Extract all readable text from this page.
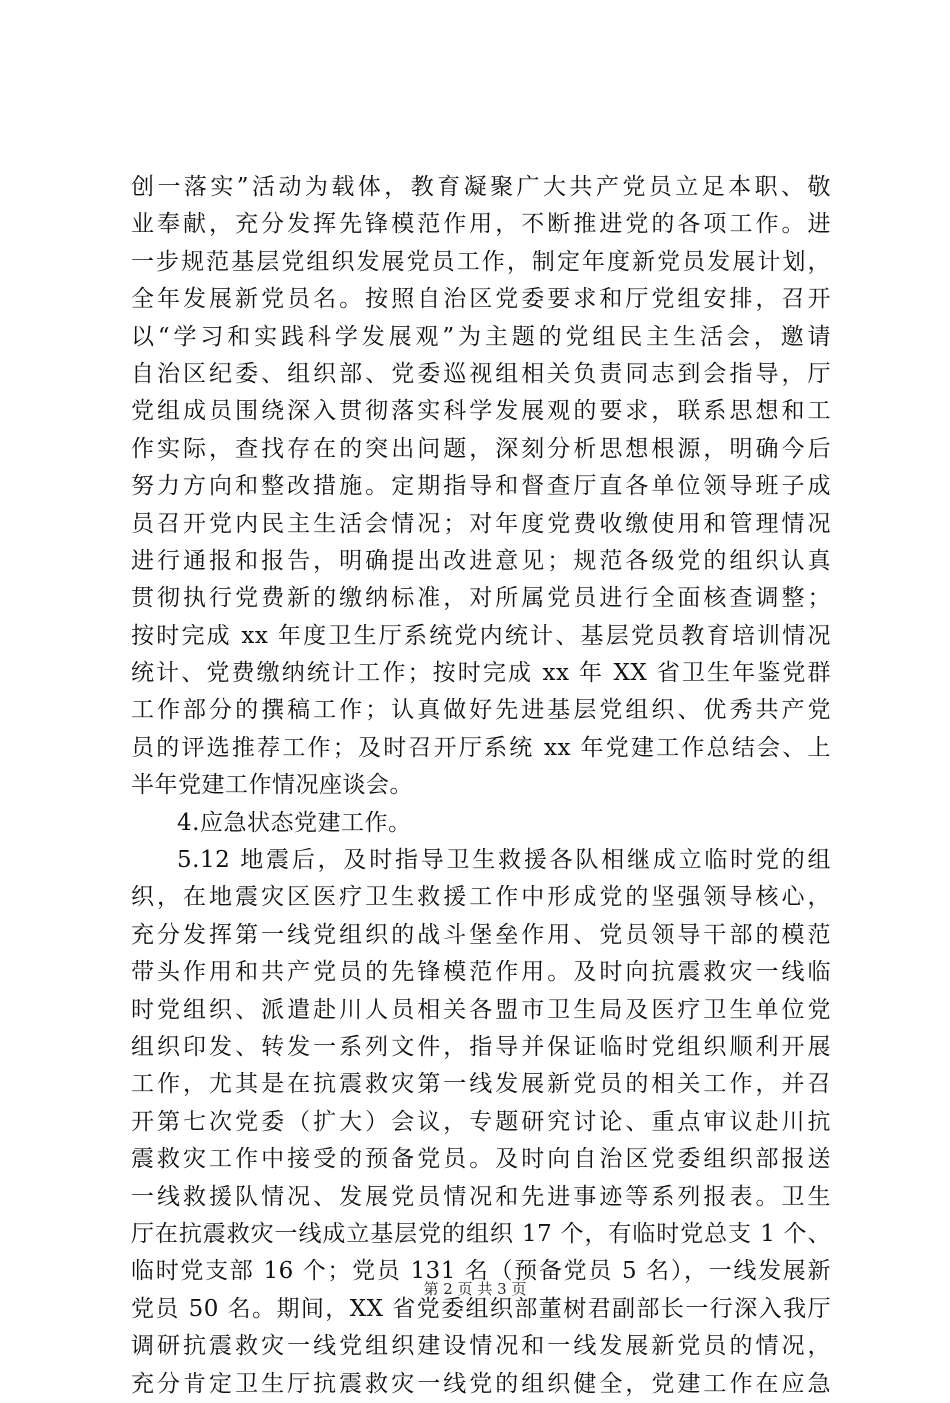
创一落实”活动为载体，教育凝聚广大共产党员立足本职、敬
业奉献，充分发挥先锋模范作用，不断推进党的各项工作。进
一步规范基层党组织发展党员工作，制定年度新党员发展计划，
全年发展新党员名。按照自治区党委要求和厅党组安排，召开
以“学习和实践科学发展观”为主题的党组民主生活会，邀请
自治区纪委、组织部、党委巡视组相关负责同志到会指导，厅
党组成员围绕深入贯彻落实科学发展观的要求，联系思想和工
作实际，查找存在的突出问题，深刻分析思想根源，明确今后
努力方向和整改措施。定期指导和督查厅直各单位领导班子成
员召开党内民主生活会情况；对年度党费收缴使用和管理情况
进行通报和报告，明确提出改进意见；规范各级党的组织认真
贯彻执行党费新的缴纳标准，对所属党员进行全面核查调整；
按时完成 xx 年度卫生厅系统党内统计、基层党员教育培训情况
统计、党费缴纳统计工作；按时完成 xx 年 XX 省卫生年鉴党群
工作部分的撰稿工作；认真做好先进基层党组织、优秀共产党
员的评选推荐工作；及时召开厅系统 xx 年党建工作总结会、上
半年党建工作情况座谈会。
4.应急状态党建工作。
5.12 地震后，及时指导卫生救援各队相继成立临时党的组
织，在地震灾区医疗卫生救援工作中形成党的坚强领导核心，
充分发挥第一线党组织的战斗堡垒作用、党员领导干部的模范
带头作用和共产党员的先锋模范作用。及时向抗震救灾一线临
时党组织、派遣赴川人员相关各盟市卫生局及医疗卫生单位党
组织印发、转发一系列文件，指导并保证临时党组织顺利开展
工作，尤其是在抗震救灾第一线发展新党员的相关工作，并召
开第七次党委（扩大）会议，专题研究讨论、重点审议赴川抗
震救灾工作中接受的预备党员。及时向自治区党委组织部报送
一线救援队情况、发展党员情况和先进事迹等系列报表。卫生
厅在抗震救灾一线成立基层党的组织 17 个，有临时党总支 1 个、
临时党支部 16 个；党员 131 名（预备党员 5 名），一线发展新
党员 50 名。期间，XX 省党委组织部董树君副部长一行深入我厅
调研抗震救灾一线党组织建设情况和一线发展新党员的情况，
充分肯定卫生厅抗震救灾一线党的组织健全，党建工作在应急
第 2 页 共 3 页
